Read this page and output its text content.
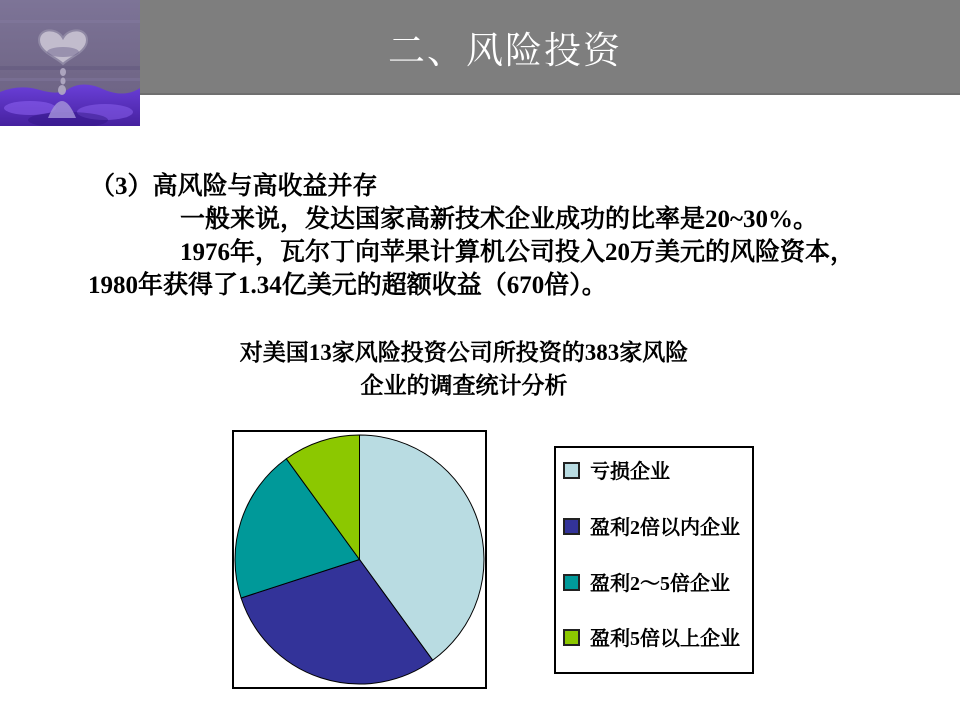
二、风险投资
（3）高风险与高收益并存
一般来说，发达国家高新技术企业成功的比率是20~30%。
1976年，瓦尔丁向苹果计算机公司投入20万美元的风险资本，
1980年获得了1.34亿美元的超额收益（670倍）。
对美国13家风险投资公司所投资的383家风险
企业的调查统计分析
亏损企业
盈利2倍以内企业
盈利2～5倍企业
盈利5倍以上企业
